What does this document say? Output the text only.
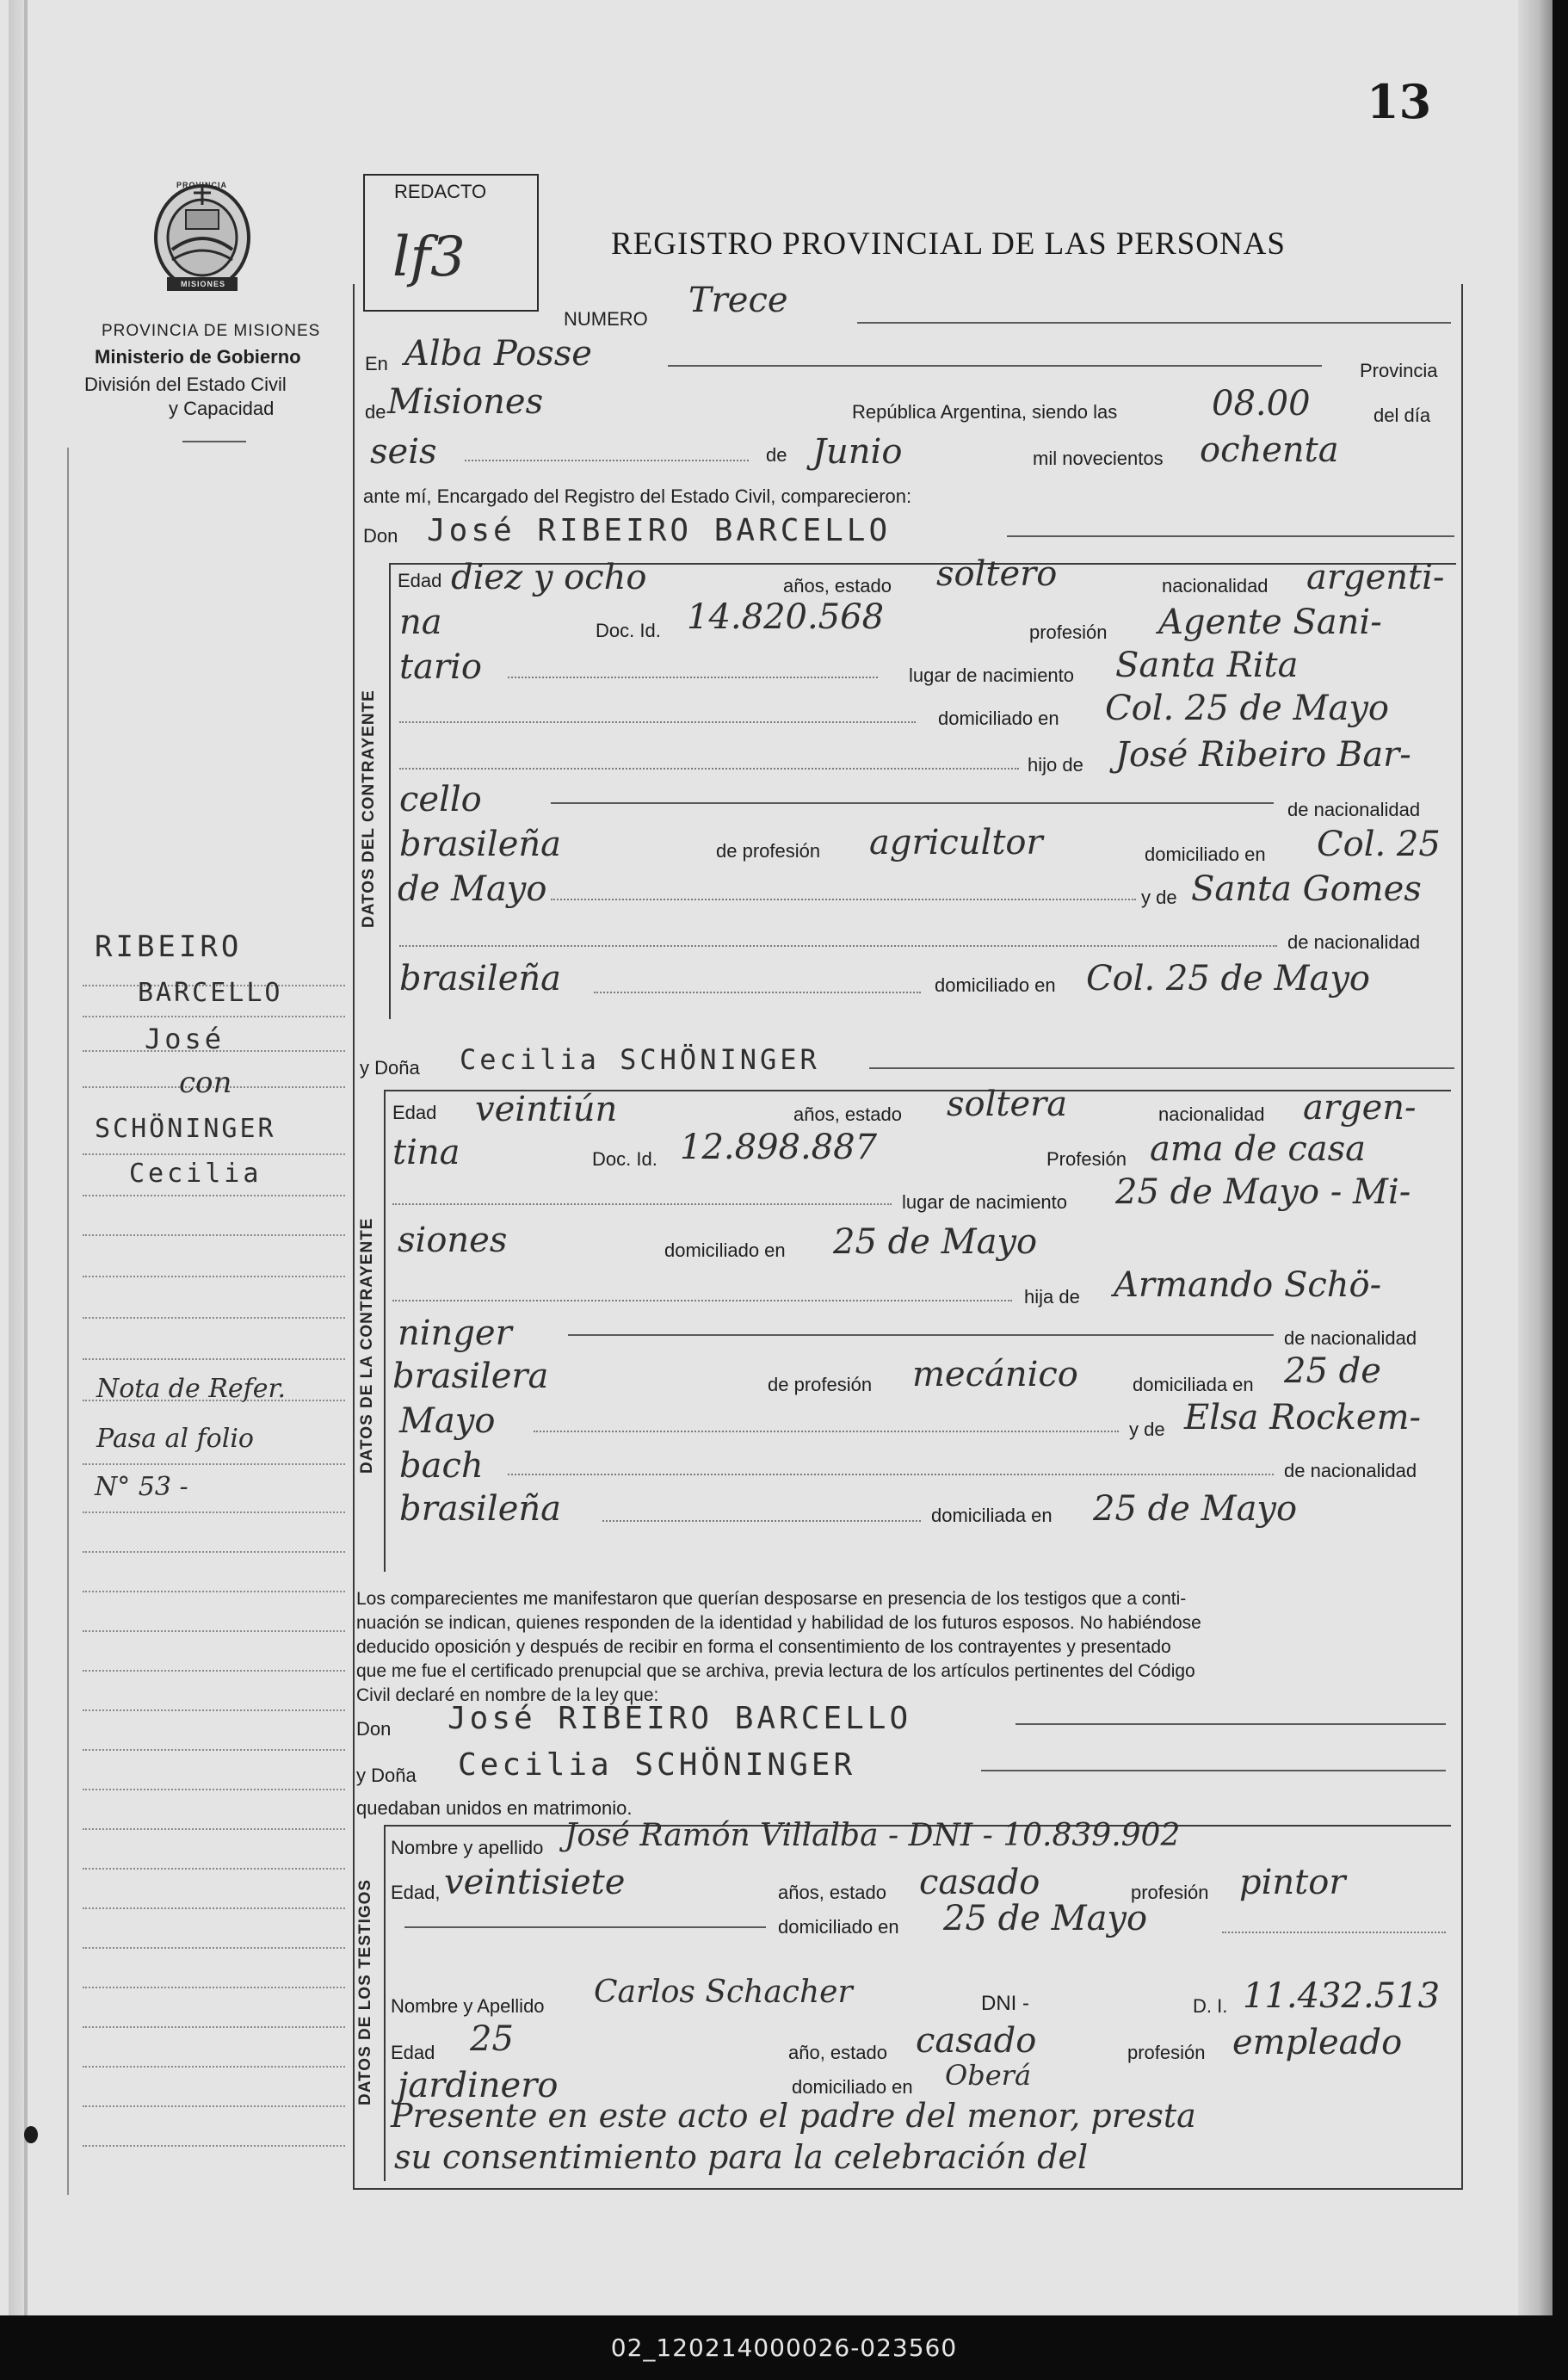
13
PROVINCIA
MISIONES
PROVINCIA DE MISIONES
Ministerio de Gobierno
División del Estado Civil
y Capacidad
REDACTO
lf3	REGISTRO PROVINCIAL DE LAS PERSONAS
NUMERO Trece
En Alba Posse	Provincia
de Misiones	República Argentina, siendo las	08.00	del día
seis	de Junio	mil novecientos ochenta
ante mí, Encargado del Registro del Estado Civil, comparecieron:
Don José RIBEIRO BARCELLO
DATOS DEL CONTRAYENTE
Edad diez y ocho	años, estado soltero	nacionalidad argenti-
na	Doc. Id. 14.820.568	profesión Agente Sani-
tario	lugar de nacimiento Santa Rita
domiciliado en Col. 25 de Mayo
hijo de José Ribeiro Bar-
cello	de nacionalidad
brasileña	de profesión agricultor	domiciliado en Col. 25
de Mayo	y de Santa Gomes
de nacionalidad
brasileña	domiciliado en Col. 25 de Mayo
y Doña Cecilia SCHÖNINGER
DATOS DE LA CONTRAYENTE
Edad veintiún	años, estado soltera	nacionalidad argen-
tina	Doc. Id. 12.898.887	Profesión ama de casa
lugar de nacimiento 25 de Mayo - Mi-
siones	domiciliado en 25 de Mayo
hija de Armando Schö-
ninger	de nacionalidad
brasilera	de profesión mecánico	domiciliada en 25 de
Mayo	y de Elsa Rockem-
bach	de nacionalidad
brasileña	domiciliada en 25 de Mayo
Los comparecientes me manifestaron que querían desposarse en presencia de los testigos que a conti-
nuación se indican, quienes responden de la identidad y habilidad de los futuros esposos. No habiéndose
deducido oposición y después de recibir en forma el consentimiento de los contrayentes y presentado
que me fue el certificado prenupcial que se archiva, previa lectura de los artículos pertinentes del Código
Civil declaré en nombre de la ley que:
Don José RIBEIRO BARCELLO
y Doña Cecilia SCHÖNINGER
quedaban unidos en matrimonio.
DATOS DE LOS TESTIGOS
Nombre y apellido José Ramón Villalba - DNI - 10.839.902
Edad, veintisiete	años, estado casado	profesión pintor
domiciliado en 25 de Mayo
Nombre y Apellido Carlos Schacher	DNI -	D. I. 11.432.513
Edad 25	año, estado casado	profesión empleado
jardinero	domiciliado en Oberá
Presente en este acto el padre del menor, presta
su consentimiento para la celebración del
RIBEIRO
BARCELLO
José
con
SCHÖNINGER
Cecilia
Nota de Refer.
Pasa al folio
N° 53 -
02_120214000026-023560
